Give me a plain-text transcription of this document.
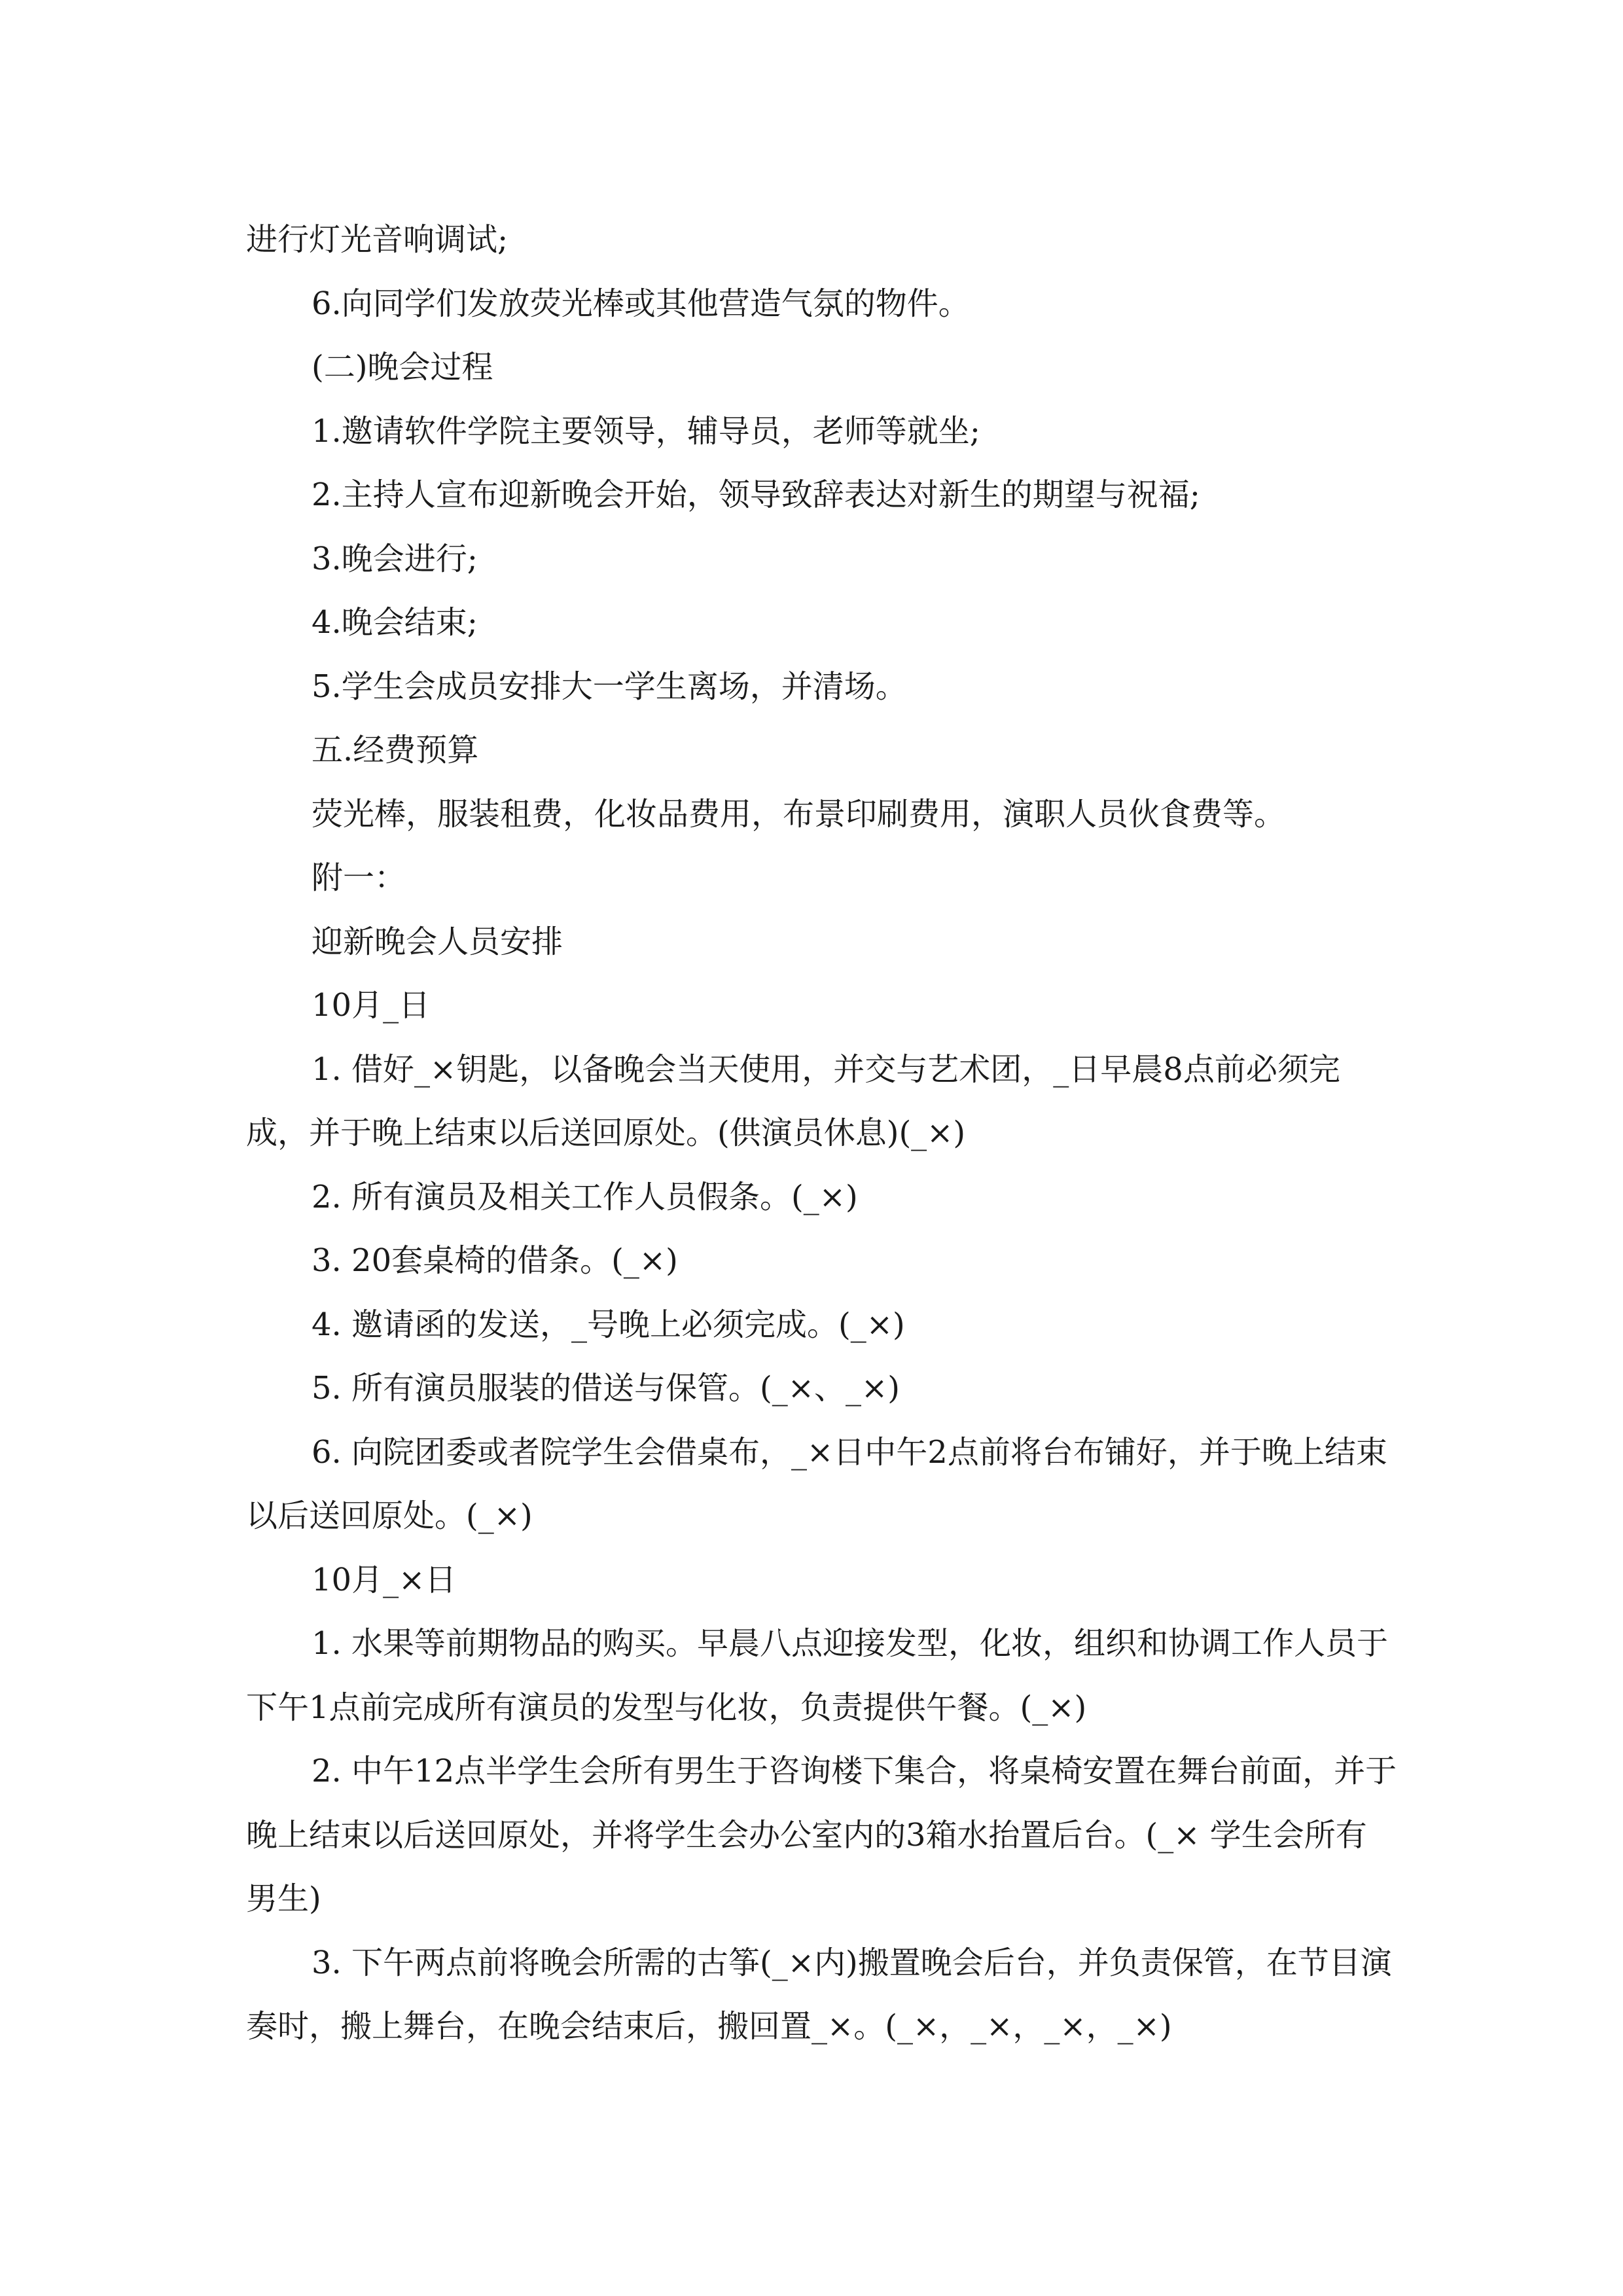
进行灯光音响调试;

6.向同学们发放荧光棒或其他营造气氛的物件。

(二)晚会过程

1.邀请软件学院主要领导，辅导员，老师等就坐;

2.主持人宣布迎新晚会开始，领导致辞表达对新生的期望与祝福;

3.晚会进行;

4.晚会结束;

5.学生会成员安排大一学生离场，并清场。

五.经费预算

荧光棒，服装租费，化妆品费用，布景印刷费用，演职人员伙食费等。

附一：

迎新晚会人员安排

10月_日

1. 借好_×钥匙，以备晚会当天使用，并交与艺术团，_日早晨8点前必须完成，并于晚上结束以后送回原处。(供演员休息)(_×)

2. 所有演员及相关工作人员假条。(_×)

3. 20套桌椅的借条。(_×)

4. 邀请函的发送，_号晚上必须完成。(_×)

5. 所有演员服装的借送与保管。(_×、_×)

6. 向院团委或者院学生会借桌布，_×日中午2点前将台布铺好，并于晚上结束以后送回原处。(_×)

10月_×日

1. 水果等前期物品的购买。早晨八点迎接发型，化妆，组织和协调工作人员于下午1点前完成所有演员的发型与化妆，负责提供午餐。(_×)

2. 中午12点半学生会所有男生于咨询楼下集合，将桌椅安置在舞台前面，并于晚上结束以后送回原处，并将学生会办公室内的3箱水抬置后台。(_× 学生会所有男生)

3. 下午两点前将晚会所需的古筝(_×内)搬置晚会后台，并负责保管，在节目演奏时，搬上舞台，在晚会结束后，搬回置_×。(_×，_×，_×，_×)
